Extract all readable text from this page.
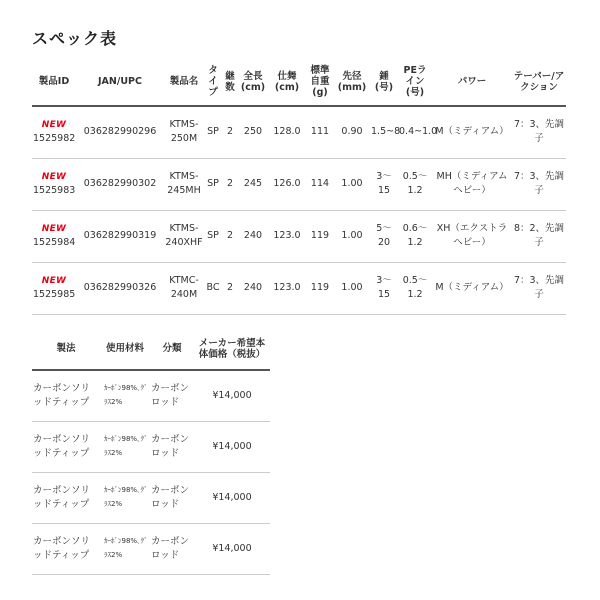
スペック表
製品ID	JAN/UPC	製品名	タイプ	継数	全長(cm)	仕舞(cm)	標準自重(g)	先径(mm)	錘(号)	PEライン(号)	パワー	テーパー/アクション

NEW
1525982	036282990296	KTMS-250M	SP	2	250	128.0	111	0.90	1.5~8	0.4~1.0	M（ミディアム）	7：3、先調子

NEW
1525983	036282990302	KTMS-245MH	SP	2	245	126.0	114	1.00	3～15	0.5～1.2	MH（ミディアムヘビー）	7：3、先調子

NEW
1525984	036282990319	KTMS-240XHF	SP	2	240	123.0	119	1.00	5～20	0.6～1.2	XH（エクストラヘビー）	8：2、先調子

NEW
1525985	036282990326	KTMC-240M	BC	2	240	123.0	119	1.00	3～15	0.5～1.2	M（ミディアム）	7：3、先調子
製法	使用材料	分類	メーカー希望本体価格（税抜）
カーボンソリッドティップ	ｶｰﾎﾞﾝ98%､ｸﾞﾗｽ2%	カーボンロッド	¥14,000
カーボンソリッドティップ	ｶｰﾎﾞﾝ98%､ｸﾞﾗｽ2%	カーボンロッド	¥14,000
カーボンソリッドティップ	ｶｰﾎﾞﾝ98%､ｸﾞﾗｽ2%	カーボンロッド	¥14,000
カーボンソリッドティップ	ｶｰﾎﾞﾝ98%､ｸﾞﾗｽ2%	カーボンロッド	¥14,000
